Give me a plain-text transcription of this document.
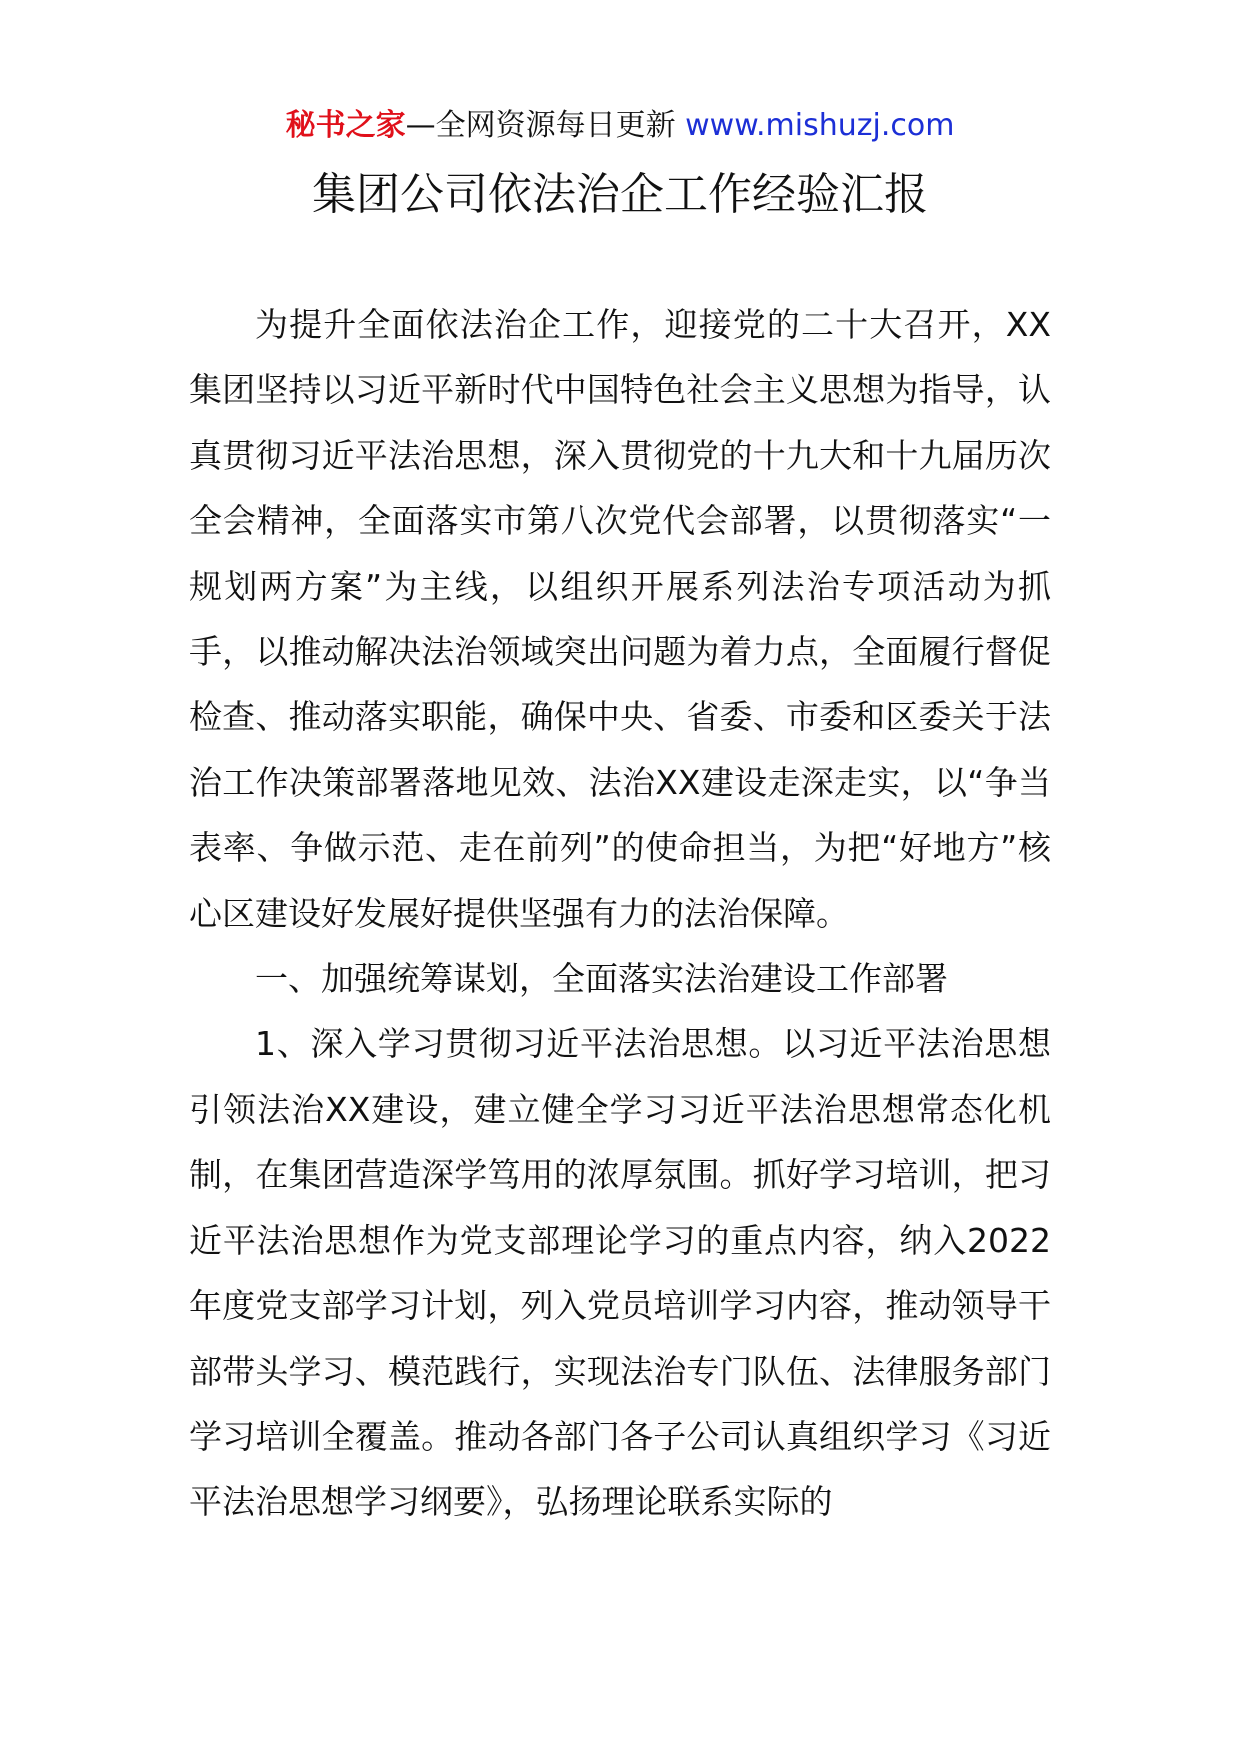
秘书之家—全网资源每日更新 www.mishuzj.com
集团公司依法治企工作经验汇报

为提升全面依法治企工作，迎接党的二十大召开，XX集团坚持以习近平新时代中国特色社会主义思想为指导，认真贯彻习近平法治思想，深入贯彻党的十九大和十九届历次全会精神，全面落实市第八次党代会部署，以贯彻落实“一规划两方案”为主线，以组织开展系列法治专项活动为抓手，以推动解决法治领域突出问题为着力点，全面履行督促检查、推动落实职能，确保中央、省委、市委和区委关于法治工作决策部署落地见效、法治XX建设走深走实，以“争当表率、争做示范、走在前列”的使命担当，为把“好地方”核心区建设好发展好提供坚强有力的法治保障。

一、加强统筹谋划，全面落实法治建设工作部署

1、深入学习贯彻习近平法治思想。以习近平法治思想引领法治XX建设，建立健全学习习近平法治思想常态化机制，在集团营造深学笃用的浓厚氛围。抓好学习培训，把习近平法治思想作为党支部理论学习的重点内容，纳入2022年度党支部学习计划，列入党员培训学习内容，推动领导干部带头学习、模范践行，实现法治专门队伍、法律服务部门学习培训全覆盖。推动各部门各子公司认真组织学习《习近平法治思想学习纲要》，弘扬理论联系实际的
